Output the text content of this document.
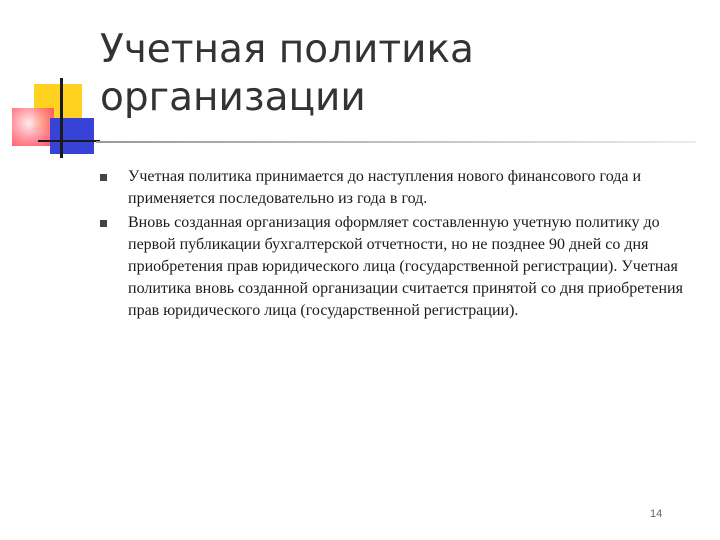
Учетная политика
организации
Учетная политика принимается до наступления нового финансового года и применяется последовательно из года в год.
Вновь созданная организация оформляет составленную учетную политику до первой публикации бухгалтерской отчетности, но не позднее 90 дней со дня приобретения прав юридического лица (государственной регистрации). Учетная политика вновь созданной организации считается принятой со дня приобретения прав юридического лица (государственной регистрации).
14
